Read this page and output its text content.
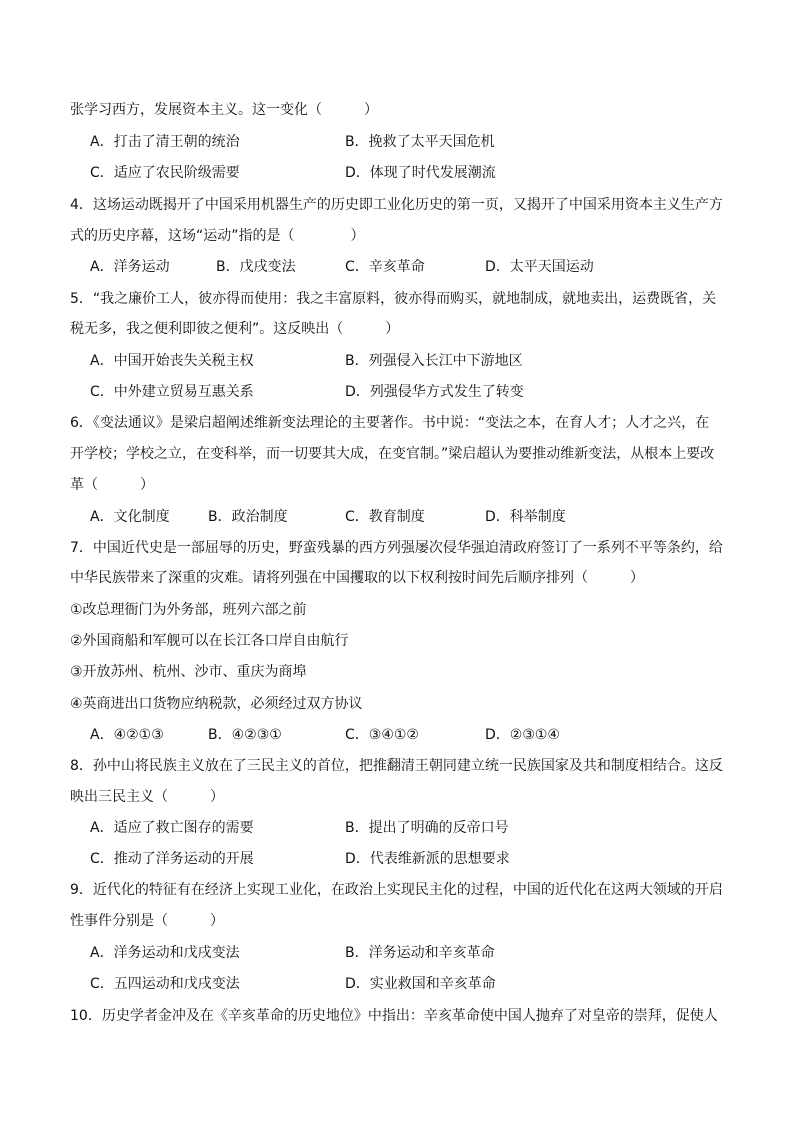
张学习西方，发展资本主义。这一变化（　　　）
A．打击了清王朝的统治	B．挽救了太平天国危机
C．适应了农民阶级需要	D．体现了时代发展潮流
4．这场运动既揭开了中国采用机器生产的历史即工业化历史的第一页，又揭开了中国采用资本主义生产方
式的历史序幕，这场“运动”指的是（　　　　）
A．洋务运动	B．戊戌变法	C．辛亥革命	D．太平天国运动
5．“我之廉价工人，彼亦得而使用：我之丰富原料，彼亦得而购买，就地制成，就地卖出，运费既省，关
税无多，我之便利即彼之便利”。这反映出（　　　）
A．中国开始丧失关税主权	B．列强侵入长江中下游地区
C．中外建立贸易互惠关系	D．列强侵华方式发生了转变
6．《变法通议》是梁启超阐述维新变法理论的主要著作。书中说：“变法之本，在育人才；人才之兴，在
开学校；学校之立，在变科举，而一切要其大成，在变官制。”梁启超认为要推动维新变法，从根本上要改
革（　　　）
A．文化制度	B．政治制度	C．教育制度	D．科举制度
7．中国近代史是一部屈辱的历史，野蛮残暴的西方列强屡次侵华强迫清政府签订了一系列不平等条约，给
中华民族带来了深重的灾难。请将列强在中国攫取的以下权利按时间先后顺序排列（　　　）
①改总理衙门为外务部，班列六部之前
②外国商船和军舰可以在长江各口岸自由航行
③开放苏州、杭州、沙市、重庆为商埠
④英商进出口货物应纳税款，必须经过双方协议
A．④②①③	B．④②③①	C．③④①②	D．②③①④
8．孙中山将民族主义放在了三民主义的首位，把推翻清王朝同建立统一民族国家及共和制度相结合。这反
映出三民主义（　　　）
A．适应了救亡图存的需要	B．提出了明确的反帝口号
C．推动了洋务运动的开展	D．代表维新派的思想要求
9．近代化的特征有在经济上实现工业化，在政治上实现民主化的过程，中国的近代化在这两大领域的开启
性事件分别是（　　　）
A．洋务运动和戊戌变法	B．洋务运动和辛亥革命
C．五四运动和戊戌变法	D．实业救国和辛亥革命
10．历史学者金冲及在《辛亥革命的历史地位》中指出：辛亥革命使中国人抛弃了对皇帝的崇拜，促使人
